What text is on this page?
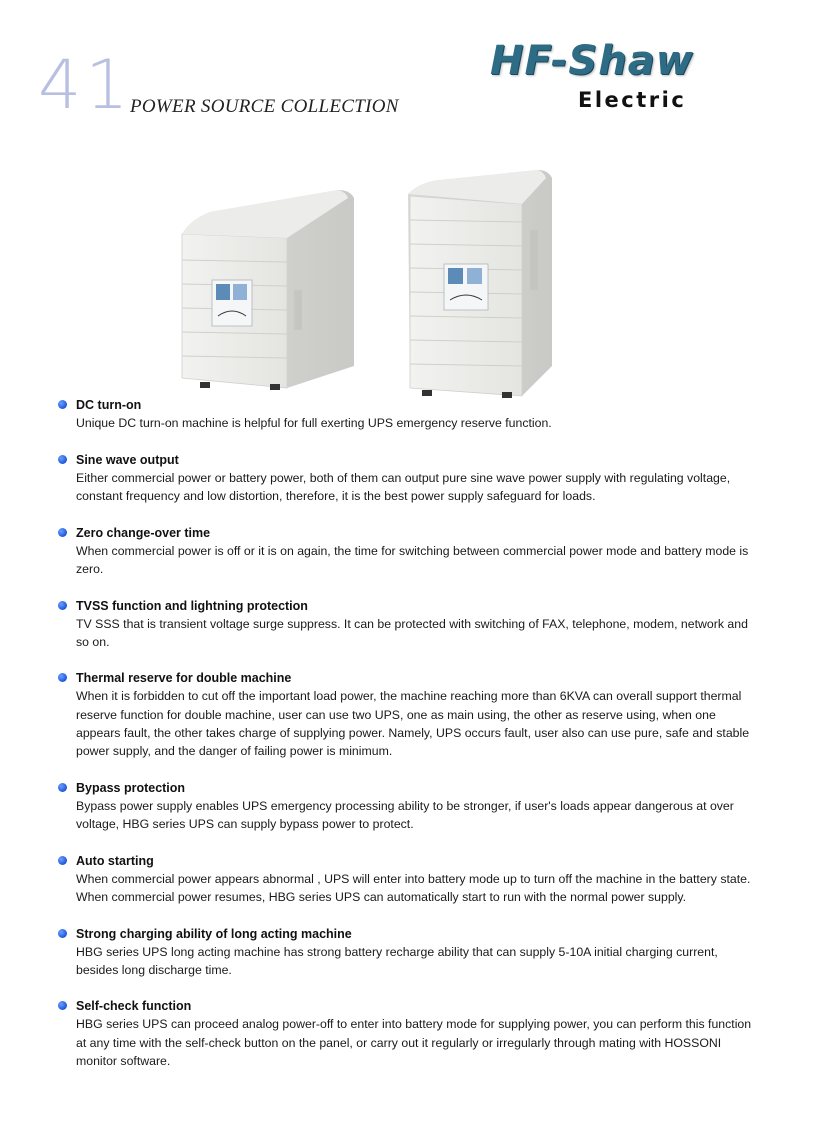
41
POWER SOURCE COLLECTION
HF-Shaw
Electric
DC turn-on
Unique DC turn-on machine is helpful for full exerting UPS emergency reserve function.
Sine wave output
Either commercial power or battery power, both of them can output pure sine wave power supply with regulating voltage, constant frequency and low distortion, therefore, it is the best power supply safeguard for loads.
Zero change-over time
When commercial power is off or it is on again, the time for switching between commercial power mode and battery mode is zero.
TVSS function and lightning protection
TV SSS that is transient voltage surge suppress. It can be protected with switching of FAX, telephone, modem, network and so on.
Thermal reserve for double machine
When it is forbidden to cut off the important load power, the machine reaching more than 6KVA can overall support thermal reserve function for double machine, user can use two UPS, one as main using, the other as reserve using, when one appears fault, the other takes charge of supplying power. Namely, UPS occurs fault, user also can use pure, safe and stable power supply, and the danger of failing power is minimum.
Bypass protection
Bypass power supply enables UPS emergency processing ability to be stronger, if user's loads appear dangerous at over voltage, HBG series UPS can supply bypass power to protect.
Auto starting
When commercial power appears abnormal , UPS will enter into battery mode up to turn off the machine in the battery state. When commercial power resumes, HBG series UPS can automatically start to run with the normal power supply.
Strong charging ability of long acting machine
HBG series UPS long acting machine has strong battery recharge ability that can supply 5-10A initial charging current, besides long discharge time.
Self-check function
HBG series UPS can proceed analog power-off to enter into battery mode for supplying power, you can perform this function at any time with the self-check button on the panel, or carry out it regularly or irregularly through mating with HOSSONI monitor software.
